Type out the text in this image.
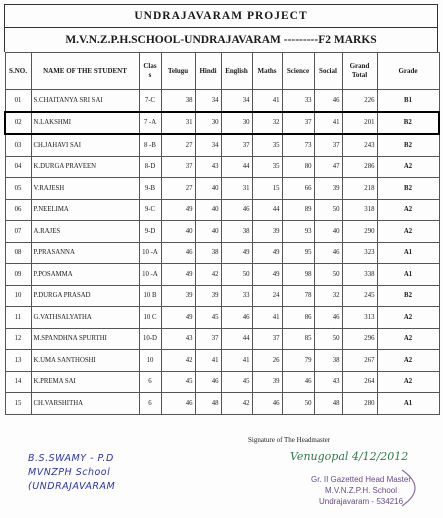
UNDRAJAVARAM PROJECT
M.V.N.Z.P.H.SCHOOL-UNDRAJAVARAM ---------F2 MARKS
S.NO.	NAME OF THE STUDENT	Clas s	Telugu	Hindi	English	Maths	Science	Social	Grand Total	Grade
01	S.CHAITANYA SRI SAI	7-C	38	34	34	41	33	46	226	B1
02	N.LAKSHMI	7 -A	31	30	30	32	37	41	201	B2
03	CH.JAHAVI SAI	8 -B	27	34	37	35	73	37	243	B2
04	K.DURGA PRAVEEN	8-D	37	43	44	35	80	47	286	A2
05	V.RAJESH	9-B	27	40	31	15	66	39	218	B2
06	P.NEELIMA	9-C	49	40	46	44	89	50	318	A2
07	A.RAJES	9-D	40	40	38	39	93	40	290	A2
08	P.PRASANNA	10 -A	46	38	49	49	95	46	323	A1
09	P.POSAMMA	10 -A	49	42	50	49	98	50	338	A1
10	P.DURGA PRASAD	10 B	39	39	33	24	78	32	245	B2
11	G.VATHSALYATHA	10 C	49	45	46	41	86	46	313	A2
12	M.SPANDHNA SPURTHI	10-D	43	37	44	37	85	50	296	A2
13	K.UMA SANTHOSHI	10	42	41	41	26	79	38	267	A2
14	K.PREMA SAI	6	45	46	45	39	46	43	264	A2
15	CH.VARSHITHA	6	46	48	42	46	50	48	280	A1
Signature of The Headmaster
Venugopal 4/12/2012
Gr. II Gazetted Head Master
M.V.N.Z.P.H. School
Undrajavaram - 534216
B.S.SWAMY - P.D
MVNZPH School
(UNDRAJAVARAM
